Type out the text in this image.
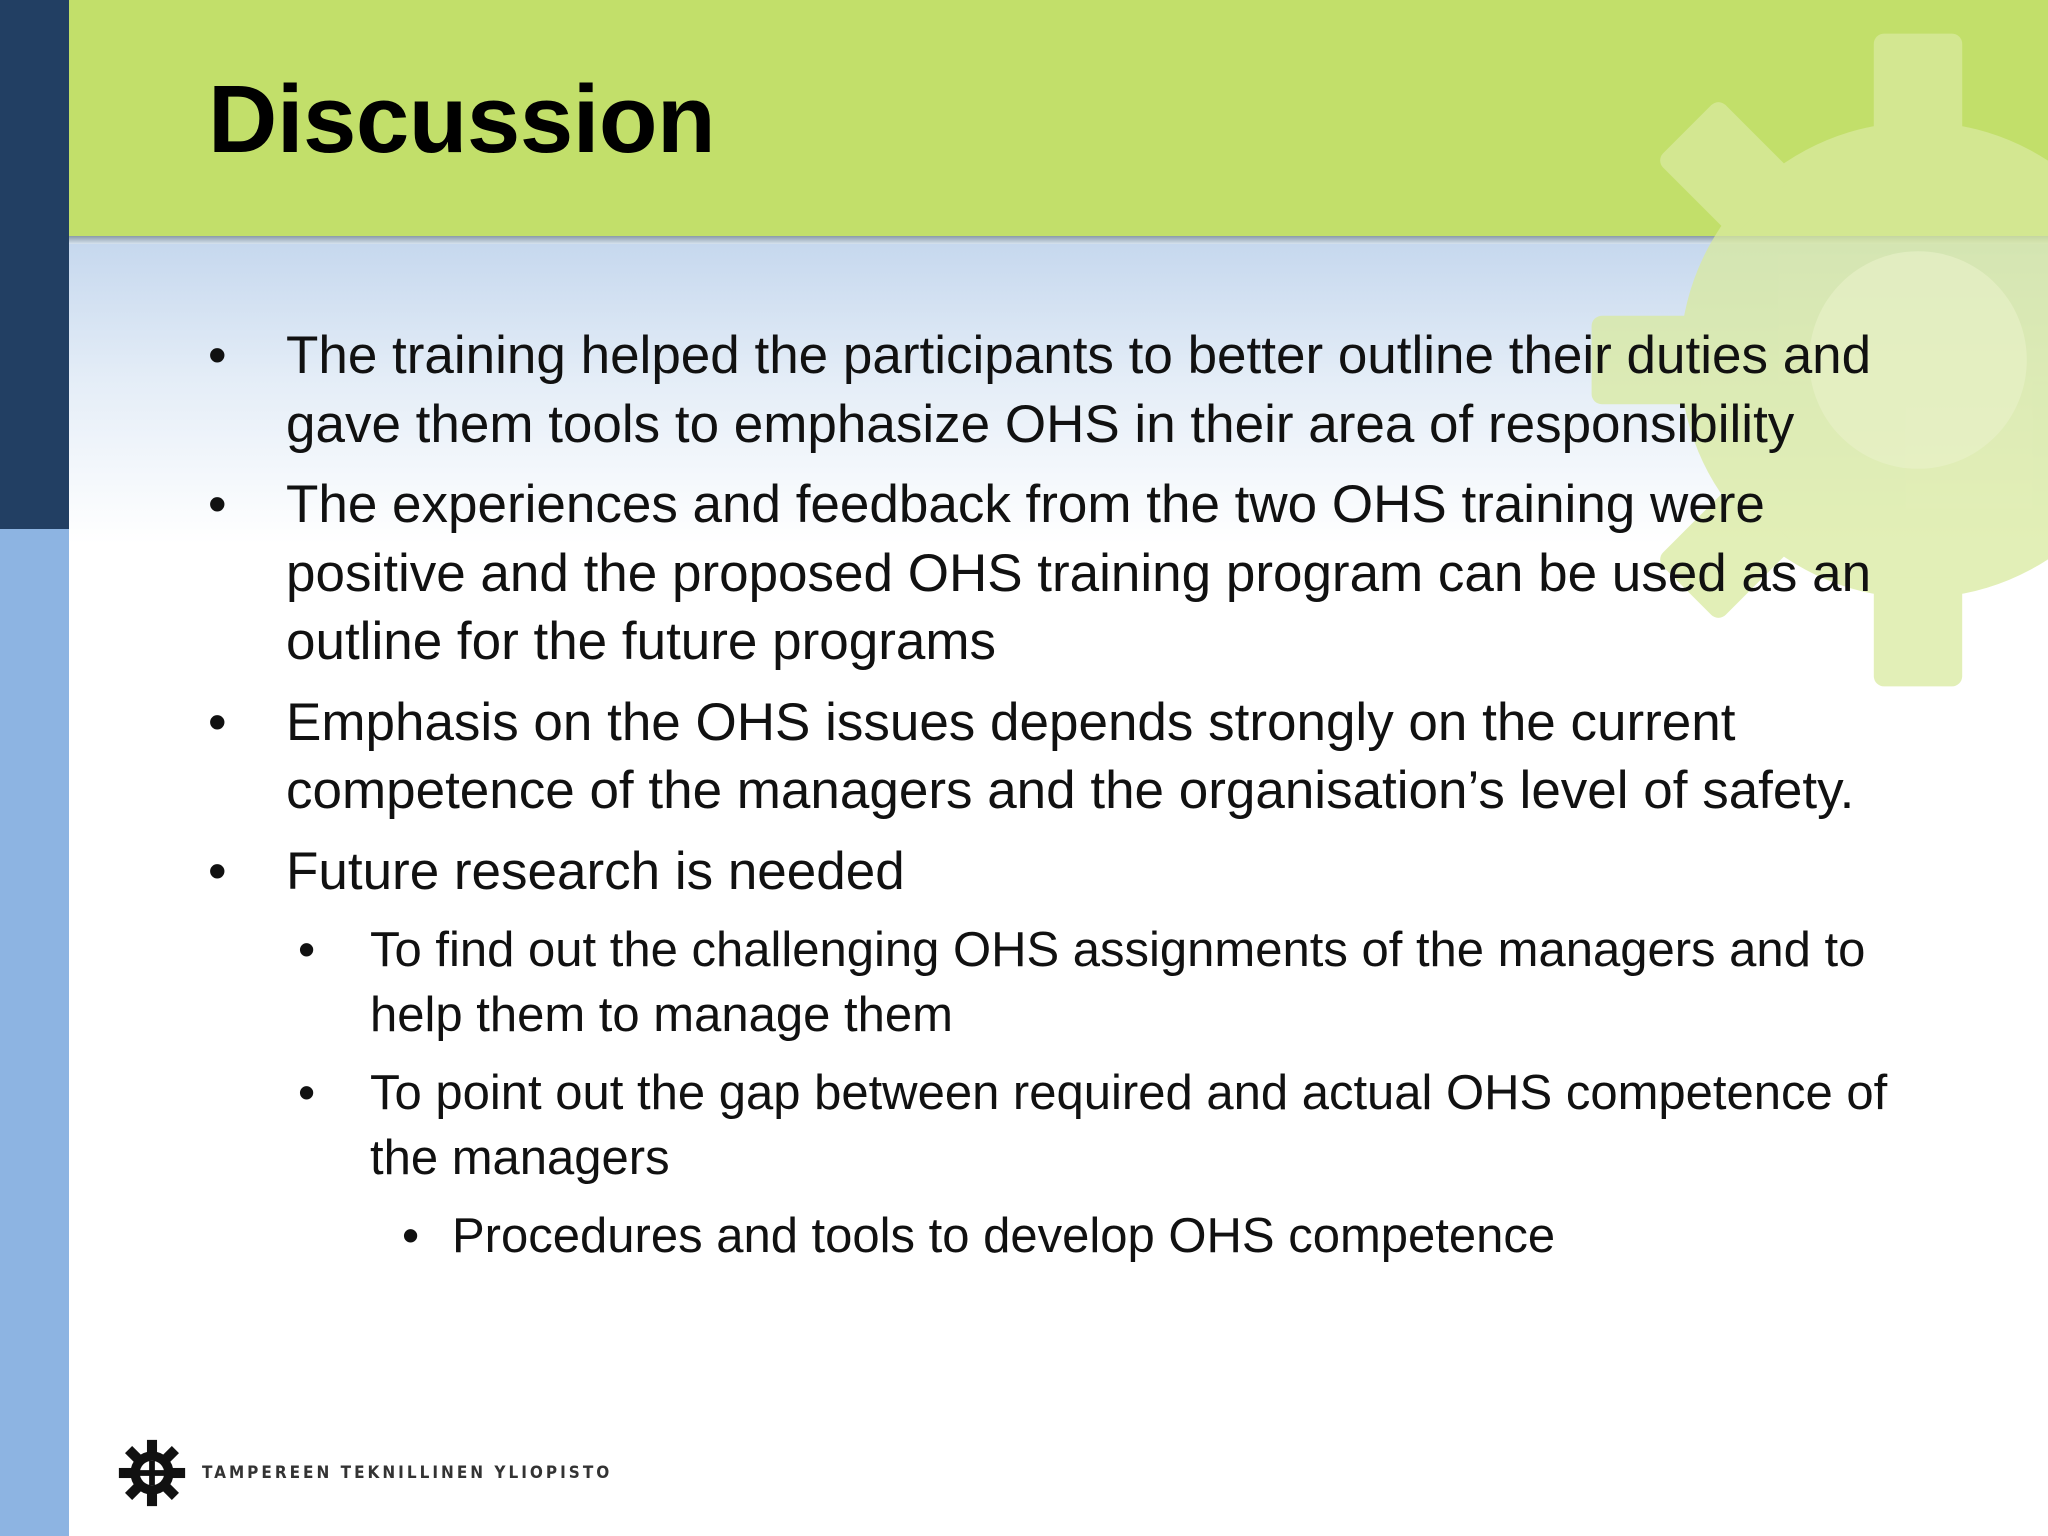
Discussion
•	The training helped the participants to better outline their duties and gave them tools to emphasize OHS in their area of responsibility
•	The experiences and feedback from the two OHS training were positive and the proposed OHS training program can be used as an outline for the future programs
•	Emphasis on the OHS issues depends strongly on the current competence of the managers and the organisation’s level of safety.
•	Future research is needed
• To find out the challenging OHS assignments of the managers and to help them to manage them
• To point out the gap between required and actual OHS competence of the managers
• Procedures and tools to develop OHS competence
TAMPEREEN TEKNILLINEN YLIOPISTO
